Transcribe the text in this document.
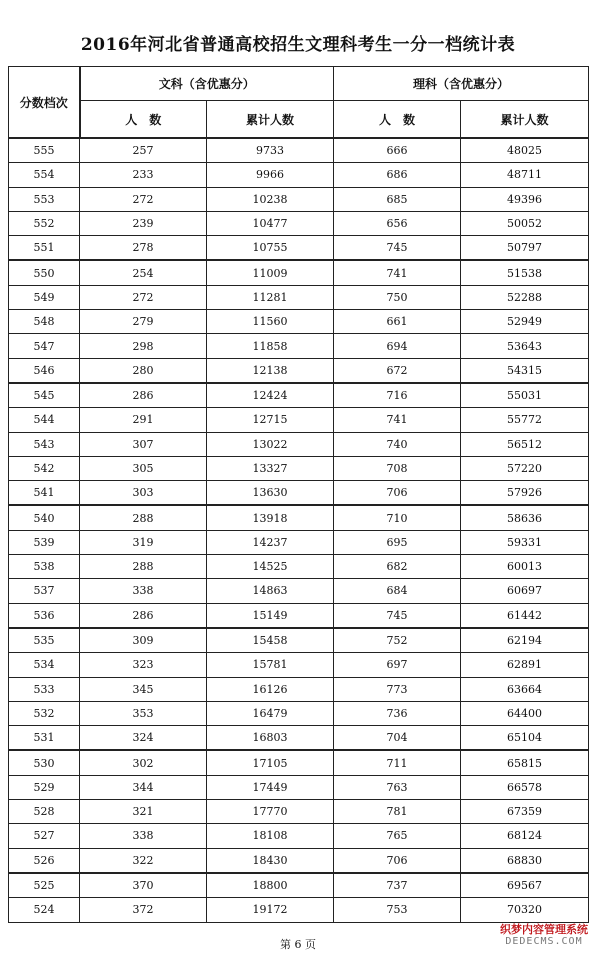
2016年河北省普通高校招生文理科考生一分一档统计表
分数档次	文科（含优惠分）		理科（含优惠分）	
	人　数	累计人数	人　数	累计人数
555	257	9733	666	48025
554	233	9966	686	48711
553	272	10238	685	49396
552	239	10477	656	50052
551	278	10755	745	50797
550	254	11009	741	51538
549	272	11281	750	52288
548	279	11560	661	52949
547	298	11858	694	53643
546	280	12138	672	54315
545	286	12424	716	55031
544	291	12715	741	55772
543	307	13022	740	56512
542	305	13327	708	57220
541	303	13630	706	57926
540	288	13918	710	58636
539	319	14237	695	59331
538	288	14525	682	60013
537	338	14863	684	60697
536	286	15149	745	61442
535	309	15458	752	62194
534	323	15781	697	62891
533	345	16126	773	63664
532	353	16479	736	64400
531	324	16803	704	65104
530	302	17105	711	65815
529	344	17449	763	66578
528	321	17770	781	67359
527	338	18108	765	68124
526	322	18430	706	68830
525	370	18800	737	69567
524	372	19172	753	70320
第 6 页
织梦内容管理系统
DEDECMS.COM
